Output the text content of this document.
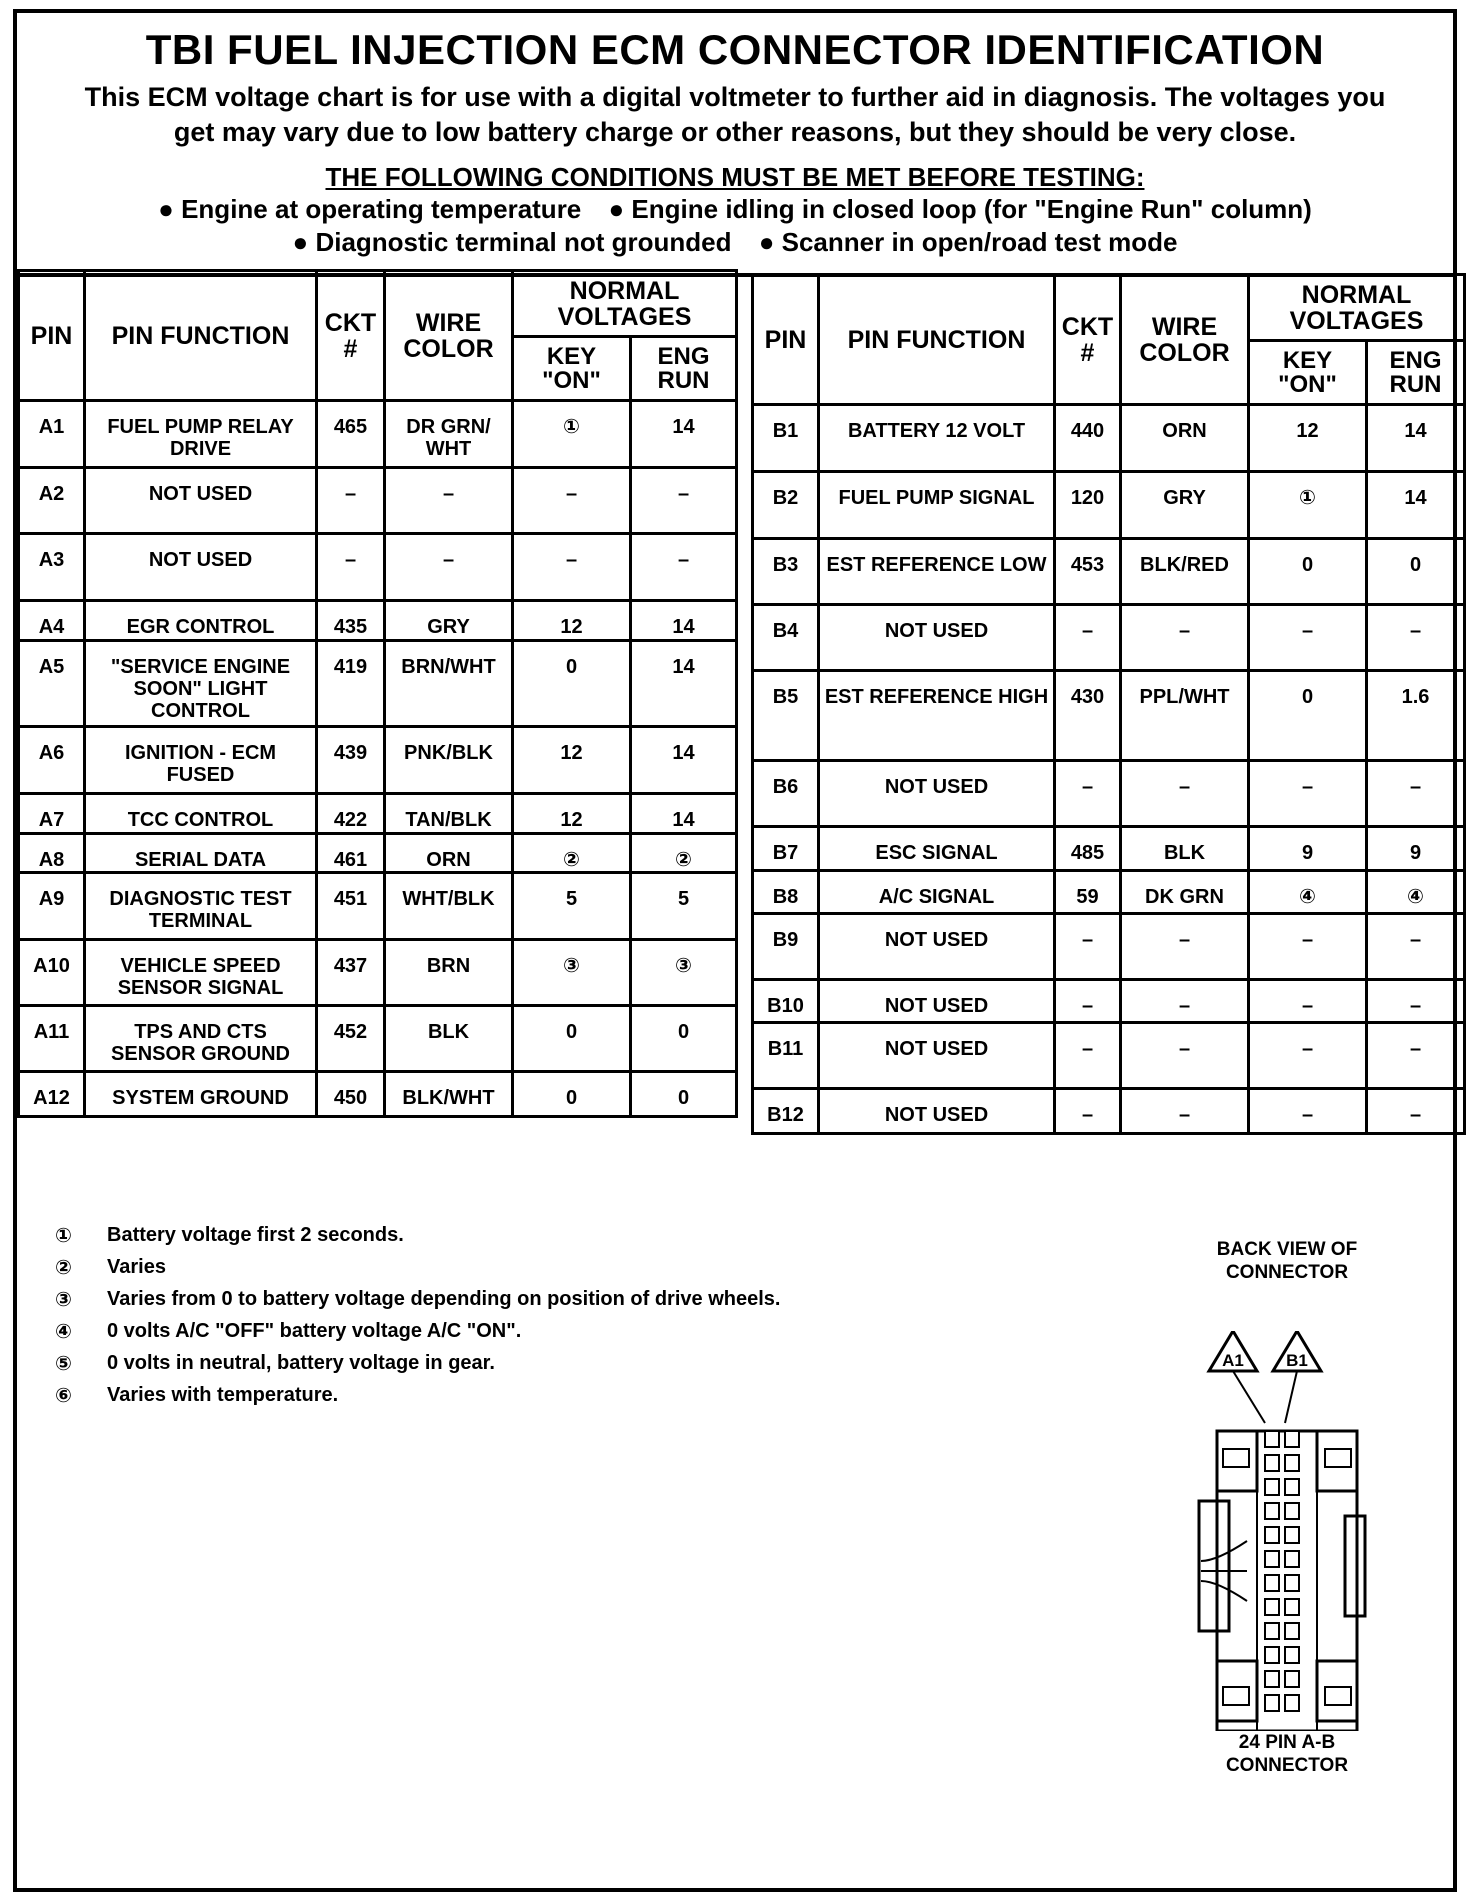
TBI FUEL INJECTION ECM CONNECTOR IDENTIFICATION
This ECM voltage chart is for use with a digital voltmeter to further aid in diagnosis. The voltages you get may vary due to low battery charge or other reasons, but they should be very close.
THE FOLLOWING CONDITIONS MUST BE MET BEFORE TESTING:
● Engine at operating temperature ● Engine idling in closed loop (for "Engine Run" column)
● Diagnostic terminal not grounded ● Scanner in open/road test mode
PIN	PIN FUNCTION	CKT #	WIRE COLOR	NORMAL VOLTAGES	
				KEY "ON"	ENG RUN
A1	FUEL PUMP RELAY DRIVE	465	DR GRN/ WHT	①	14
A2	NOT USED	–	–	–	–
A3	NOT USED	–	–	–	–
A4	EGR CONTROL	435	GRY	12	14
A5	"SERVICE ENGINE SOON" LIGHT CONTROL	419	BRN/WHT	0	14
A6	IGNITION - ECM FUSED	439	PNK/BLK	12	14
A7	TCC CONTROL	422	TAN/BLK	12	14
A8	SERIAL DATA	461	ORN	②	②
A9	DIAGNOSTIC TEST TERMINAL	451	WHT/BLK	5	5
A10	VEHICLE SPEED SENSOR SIGNAL	437	BRN	③	③
A11	TPS AND CTS SENSOR GROUND	452	BLK	0	0
A12	SYSTEM GROUND	450	BLK/WHT	0	0
PIN	PIN FUNCTION	CKT #	WIRE COLOR	NORMAL VOLTAGES	
				KEY "ON"	ENG RUN
B1	BATTERY 12 VOLT	440	ORN	12	14
B2	FUEL PUMP SIGNAL	120	GRY	①	14
B3	EST REFERENCE LOW	453	BLK/RED	0	0
B4	NOT USED	–	–	–	–
B5	EST REFERENCE HIGH	430	PPL/WHT	0	1.6
B6	NOT USED	–	–	–	–
B7	ESC SIGNAL	485	BLK	9	9
B8	A/C SIGNAL	59	DK GRN	④	④
B9	NOT USED	–	–	–	–
B10	NOT USED	–	–	–	–
B11	NOT USED	–	–	–	–
B12	NOT USED	–	–	–	–
①	Battery voltage first 2 seconds.
②	Varies
③	Varies from 0 to battery voltage depending on position of drive wheels.
④	0 volts A/C "OFF" battery voltage A/C "ON".
⑤	0 volts in neutral, battery voltage in gear.
⑥	Varies with temperature.
BACK VIEW OF CONNECTOR
A1 B1
24 PIN A-B CONNECTOR
